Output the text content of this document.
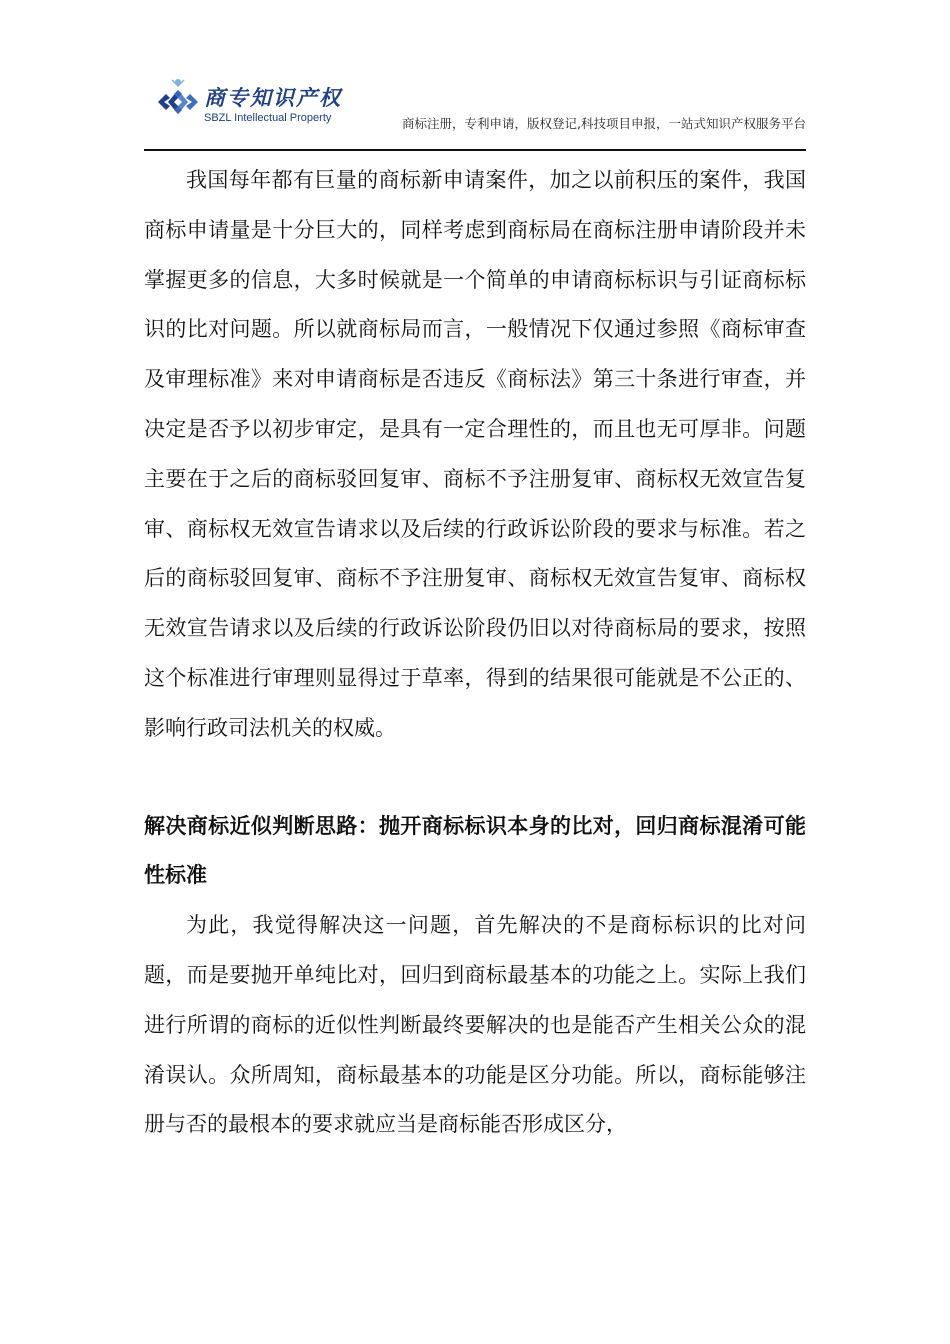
商专知识产权
SBZL Intellectual Property	商标注册，专利申请，版权登记,科技项目申报，一站式知识产权服务平台

我国每年都有巨量的商标新申请案件，加之以前积压的案件，我国商标申请量是十分巨大的，同样考虑到商标局在商标注册申请阶段并未掌握更多的信息，大多时候就是一个简单的申请商标标识与引证商标标识的比对问题。所以就商标局而言，一般情况下仅通过参照《商标审查及审理标准》来对申请商标是否违反《商标法》第三十条进行审查，并决定是否予以初步审定，是具有一定合理性的，而且也无可厚非。问题主要在于之后的商标驳回复审、商标不予注册复审、商标权无效宣告复审、商标权无效宣告请求以及后续的行政诉讼阶段的要求与标准。若之后的商标驳回复审、商标不予注册复审、商标权无效宣告复审、商标权无效宣告请求以及后续的行政诉讼阶段仍旧以对待商标局的要求，按照这个标准进行审理则显得过于草率，得到的结果很可能就是不公正的、影响行政司法机关的权威。

解决商标近似判断思路：抛开商标标识本身的比对，回归商标混淆可能性标准

为此，我觉得解决这一问题，首先解决的不是商标标识的比对问题，而是要抛开单纯比对，回归到商标最基本的功能之上。实际上我们进行所谓的商标的近似性判断最终要解决的也是能否产生相关公众的混淆误认。众所周知，商标最基本的功能是区分功能。所以，商标能够注册与否的最根本的要求就应当是商标能否形成区分，
